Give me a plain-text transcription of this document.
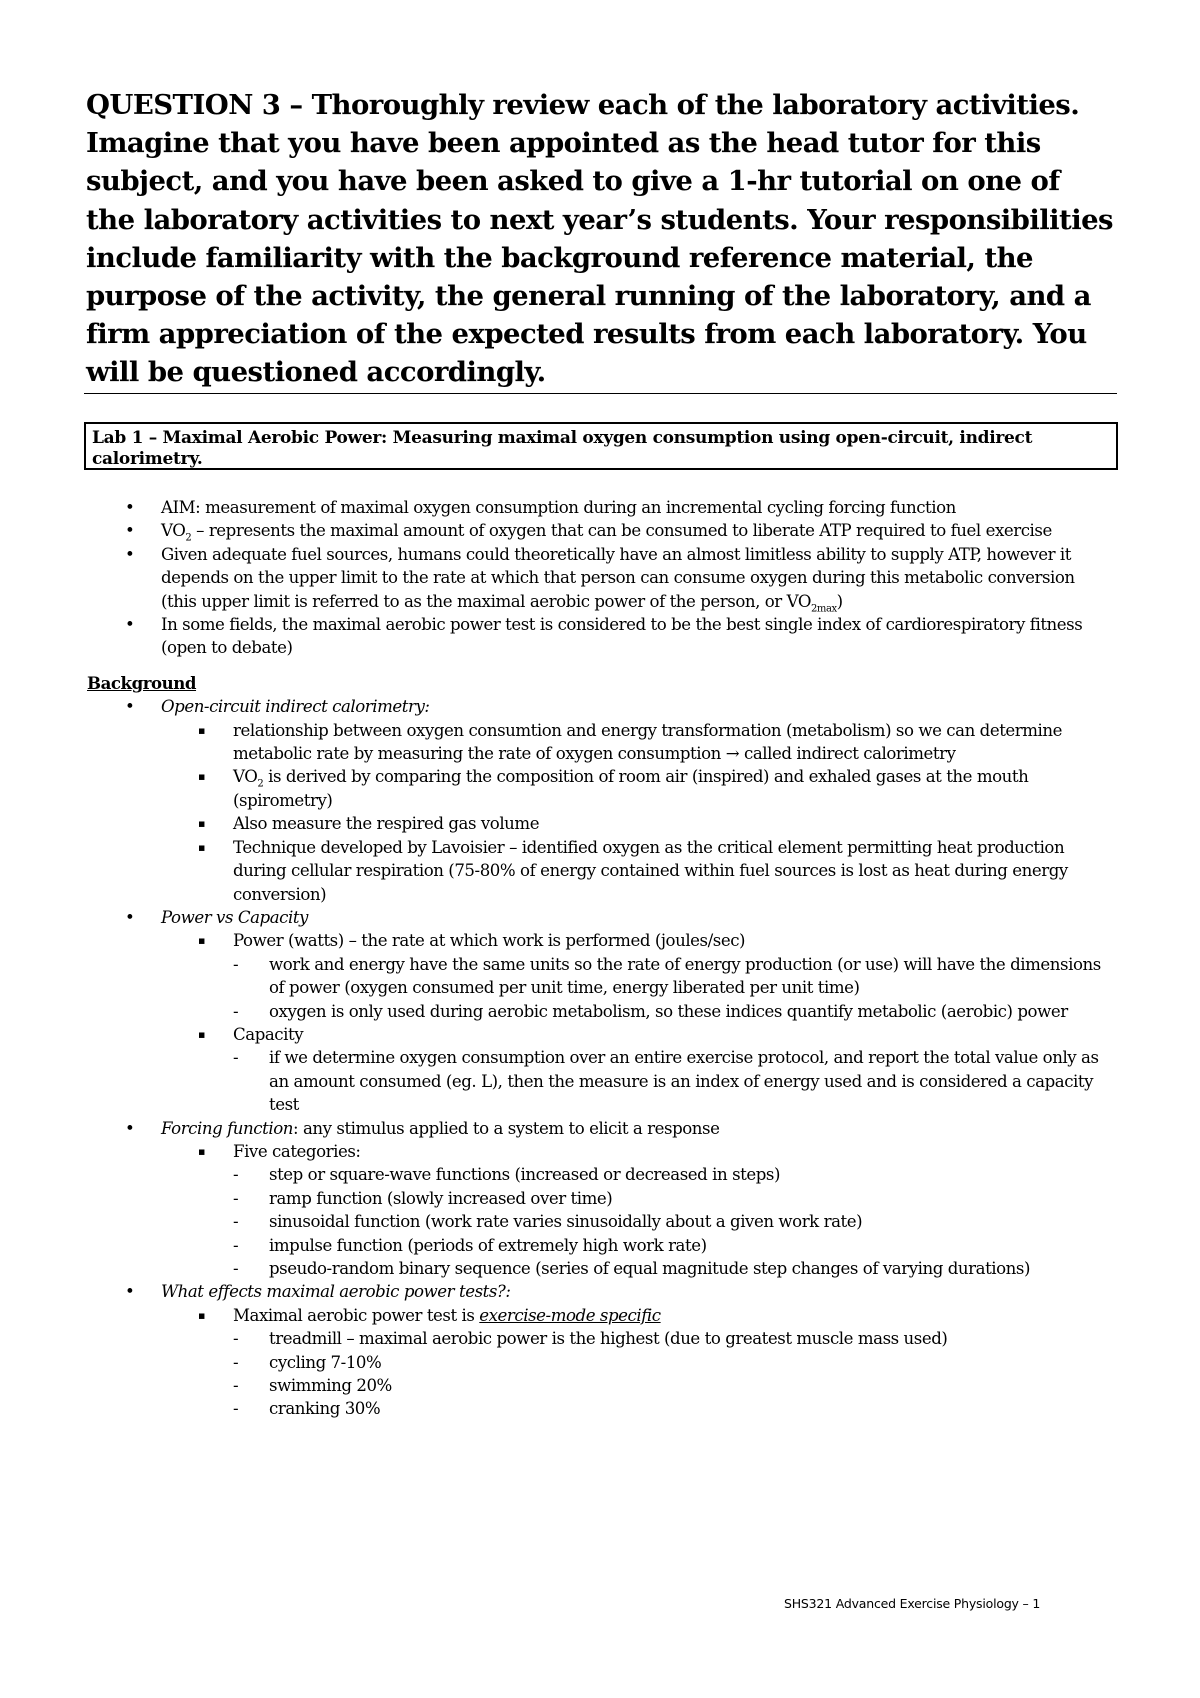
QUESTION 3 – Thoroughly review each of the laboratory activities. Imagine that you have been appointed as the head tutor for this subject, and you have been asked to give a 1-hr tutorial on one of the laboratory activities to next year’s students. Your responsibilities include familiarity with the background reference material, the purpose of the activity, the general running of the laboratory, and a firm appreciation of the expected results from each laboratory. You will be questioned accordingly.

Lab 1 – Maximal Aerobic Power: Measuring maximal oxygen consumption using open-circuit, indirect calorimetry.
• AIM: measurement of maximal oxygen consumption during an incremental cycling forcing function
• $VO_2$ – represents the maximal amount of oxygen that can be consumed to liberate ATP required to fuel exercise
• Given adequate fuel sources, humans could theoretically have an almost limitless ability to supply ATP, however it depends on the upper limit to the rate at which that person can consume oxygen during this metabolic conversion (this upper limit is referred to as the maximal aerobic power of the person, or $VO_{2max}$)
• In some fields, the maximal aerobic power test is considered to be the best single index of cardiorespiratory fitness (open to debate)
Background
• Open-circuit indirect calorimetry:
▪ relationship between oxygen consumtion and energy transformation (metabolism) so we can determine metabolic rate by measuring the rate of oxygen consumption → called indirect calorimetry
▪ $VO_2$ is derived by comparing the composition of room air (inspired) and exhaled gases at the mouth (spirometry)
▪ Also measure the respired gas volume
▪ Technique developed by Lavoisier – identified oxygen as the critical element permitting heat production during cellular respiration (75-80% of energy contained within fuel sources is lost as heat during energy conversion)
• Power vs Capacity
▪ Power (watts) – the rate at which work is performed (joules/sec)
- work and energy have the same units so the rate of energy production (or use) will have the dimensions of power (oxygen consumed per unit time, energy liberated per unit time)
- oxygen is only used during aerobic metabolism, so these indices quantify metabolic (aerobic) power
▪ Capacity
- if we determine oxygen consumption over an entire exercise protocol, and report the total value only as an amount consumed (eg. L), then the measure is an index of energy used and is considered a capacity test
• Forcing function: any stimulus applied to a system to elicit a response
▪ Five categories:
- step or square-wave functions (increased or decreased in steps)
- ramp function (slowly increased over time)
- sinusoidal function (work rate varies sinusoidally about a given work rate)
- impulse function (periods of extremely high work rate)
- pseudo-random binary sequence (series of equal magnitude step changes of varying durations)
• What effects maximal aerobic power tests?:
▪ Maximal aerobic power test is exercise-mode specific
- treadmill – maximal aerobic power is the highest (due to greatest muscle mass used)
- cycling 7-10%
- swimming 20%
- cranking 30%
SHS321 Advanced Exercise Physiology – 1
